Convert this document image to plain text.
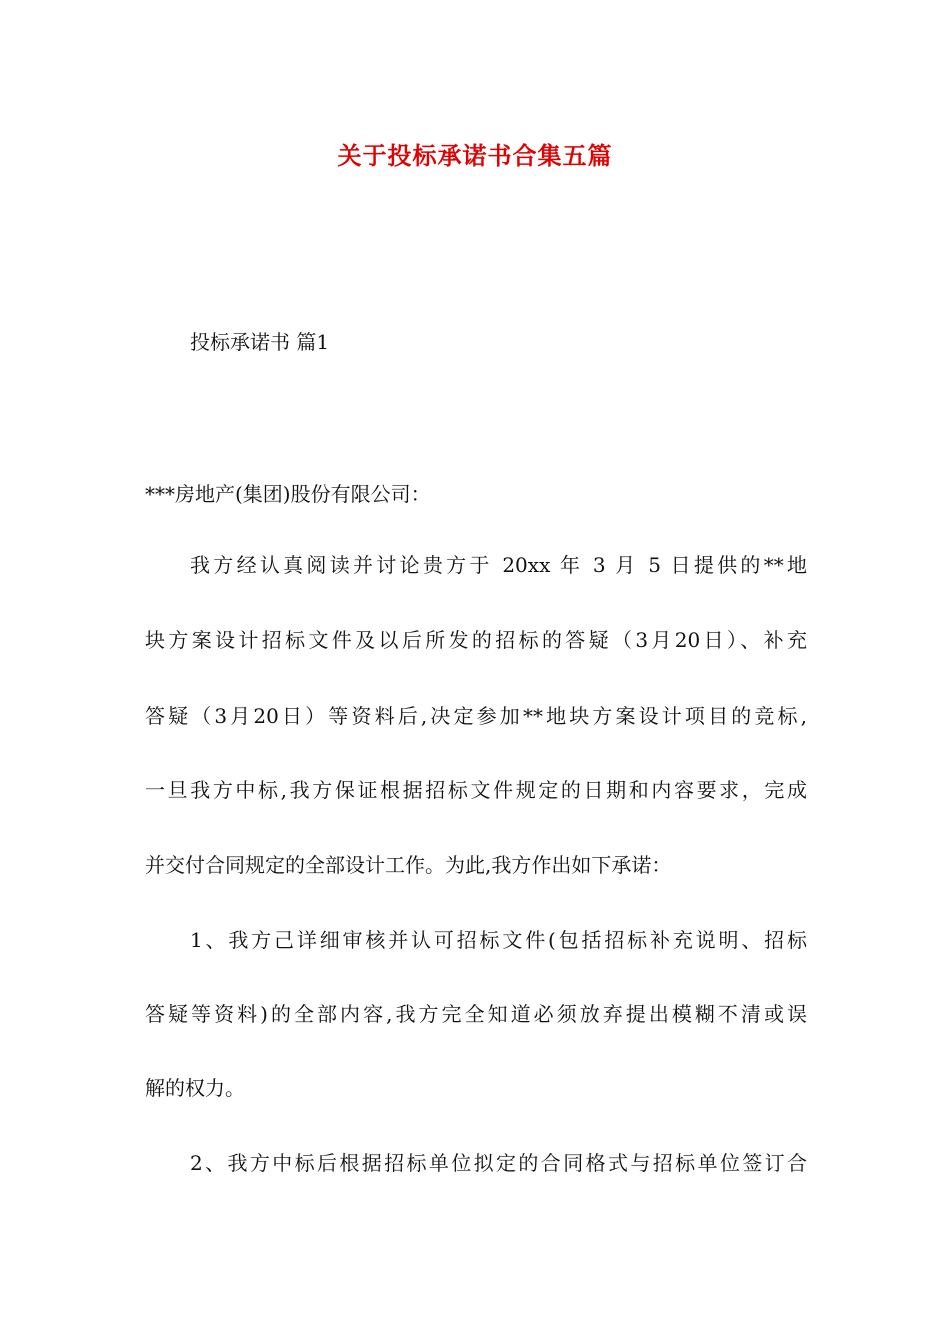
关于投标承诺书合集五篇
投标承诺书 篇1
***房地产(集团)股份有限公司：
我方经认真阅读并讨论贵方于 20xx 年 3 月 5 日提供的**地
块方案设计招标文件及以后所发的招标的答疑（3月20日）、补充
答疑（3月20日）等资料后,决定参加**地块方案设计项目的竞标,
一旦我方中标,我方保证根据招标文件规定的日期和内容要求，完成
并交付合同规定的全部设计工作。为此,我方作出如下承诺：
1、我方己详细审核并认可招标文件(包括招标补充说明、招标
答疑等资料)的全部内容,我方完全知道必须放弃提出模糊不清或误
解的权力。
2、我方中标后根据招标单位拟定的合同格式与招标单位签订合
